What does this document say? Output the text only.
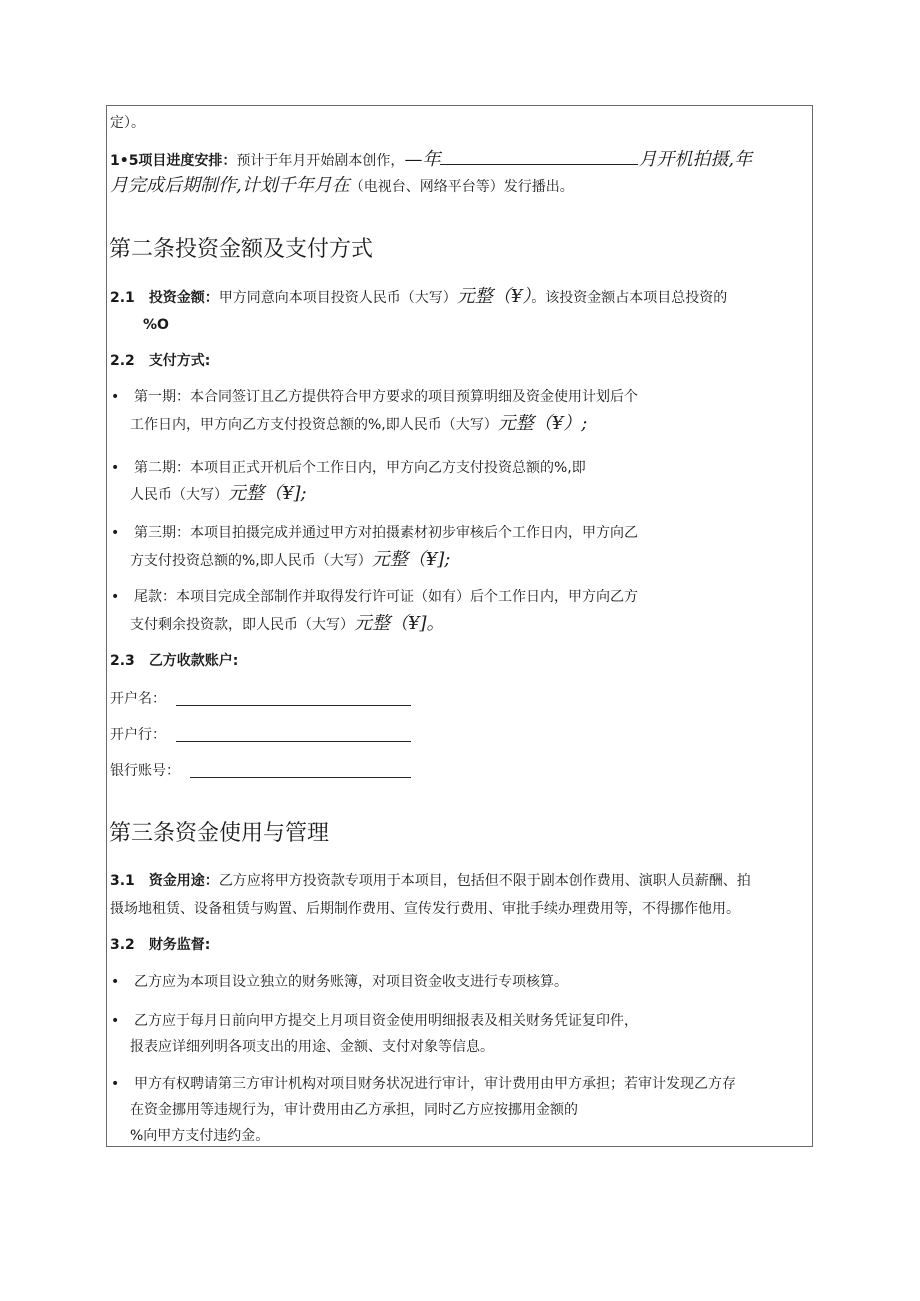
定）。
1•5项目进度安排：预计于年月开始剧本创作，—年	月开机拍摄,年
月完成后期制作,计划千年月在（电视台、网络平台等）发行播出。
第二条投资金额及支付方式
2.1 投资金额：甲方同意向本项目投资人民币（大写）元整（¥）。该投资金额占本项目总投资的
%O
2.2 支付方式:
• 第一期：本合同签订且乙方提供符合甲方要求的项目预算明细及资金使用计划后个
工作日内，甲方向乙方支付投资总额的%,即人民币（大写）元整（¥）;
• 第二期：本项目正式开机后个工作日内，甲方向乙方支付投资总额的%,即
人民币（大写）元整（¥];
• 第三期：本项目拍摄完成并通过甲方对拍摄素材初步审核后个工作日内，甲方向乙
方支付投资总额的%,即人民币（大写）元整（¥];
• 尾款：本项目完成全部制作并取得发行许可证（如有）后个工作日内，甲方向乙方
支付剩余投资款，即人民币（大写）元整（¥]。
2.3 乙方收款账户:
开户名：
开户行：
银行账号：
第三条资金使用与管理
3.1 资金用途：乙方应将甲方投资款专项用于本项目，包括但不限于剧本创作费用、演职人员薪酬、拍
摄场地租赁、设备租赁与购置、后期制作费用、宣传发行费用、审批手续办理费用等，不得挪作他用。
3.2 财务监督:
• 乙方应为本项目设立独立的财务账簿，对项目资金收支进行专项核算。
• 乙方应于每月日前向甲方提交上月项目资金使用明细报表及相关财务凭证复印件，
报表应详细列明各项支出的用途、金额、支付对象等信息。
• 甲方有权聘请第三方审计机构对项目财务状况进行审计，审计费用由甲方承担；若审计发现乙方存
在资金挪用等违规行为，审计费用由乙方承担，同时乙方应按挪用金额的
%向甲方支付违约金。
